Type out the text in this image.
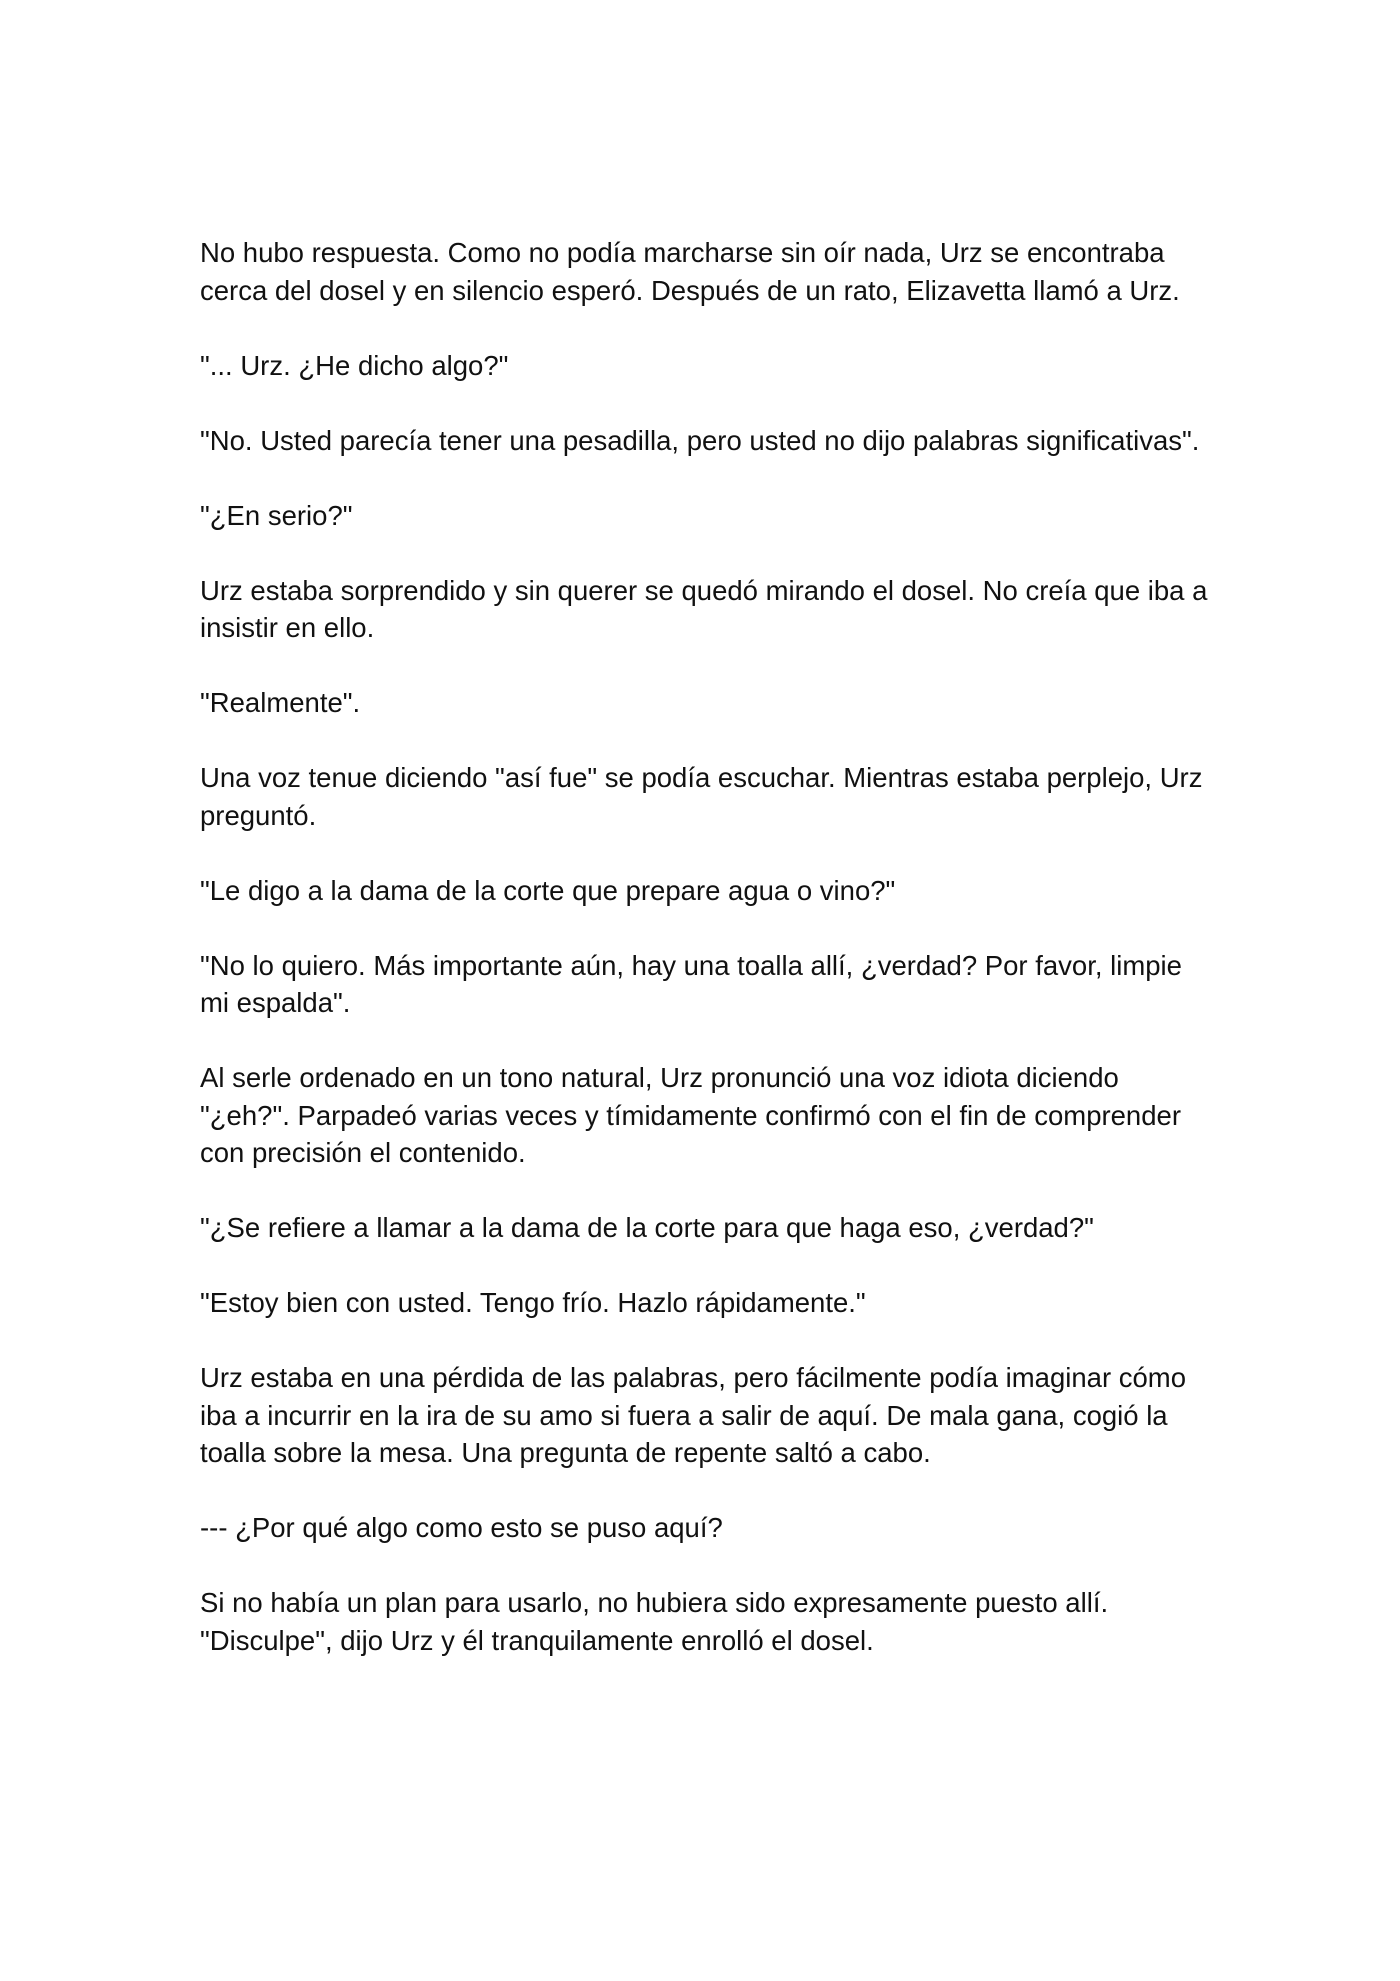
No hubo respuesta. Como no podía marcharse sin oír nada, Urz se encontraba cerca del dosel y en silencio esperó. Después de un rato, Elizavetta llamó a Urz.

"... Urz. ¿He dicho algo?"

"No. Usted parecía tener una pesadilla, pero usted no dijo palabras significativas".

"¿En serio?"

Urz estaba sorprendido y sin querer se quedó mirando el dosel. No creía que iba a insistir en ello.

"Realmente".

Una voz tenue diciendo "así fue" se podía escuchar. Mientras estaba perplejo, Urz preguntó.

"Le digo a la dama de la corte que prepare agua o vino?"

"No lo quiero. Más importante aún, hay una toalla allí, ¿verdad? Por favor, limpie mi espalda".

Al serle ordenado en un tono natural, Urz pronunció una voz idiota diciendo "¿eh?". Parpadeó varias veces y tímidamente confirmó con el fin de comprender con precisión el contenido.

"¿Se refiere a llamar a la dama de la corte para que haga eso, ¿verdad?"

"Estoy bien con usted. Tengo frío. Hazlo rápidamente."

Urz estaba en una pérdida de las palabras, pero fácilmente podía imaginar cómo iba a incurrir en la ira de su amo si fuera a salir de aquí. De mala gana, cogió la toalla sobre la mesa. Una pregunta de repente saltó a cabo.

--- ¿Por qué algo como esto se puso aquí?

Si no había un plan para usarlo, no hubiera sido expresamente puesto allí. "Disculpe", dijo Urz y él tranquilamente enrolló el dosel.
